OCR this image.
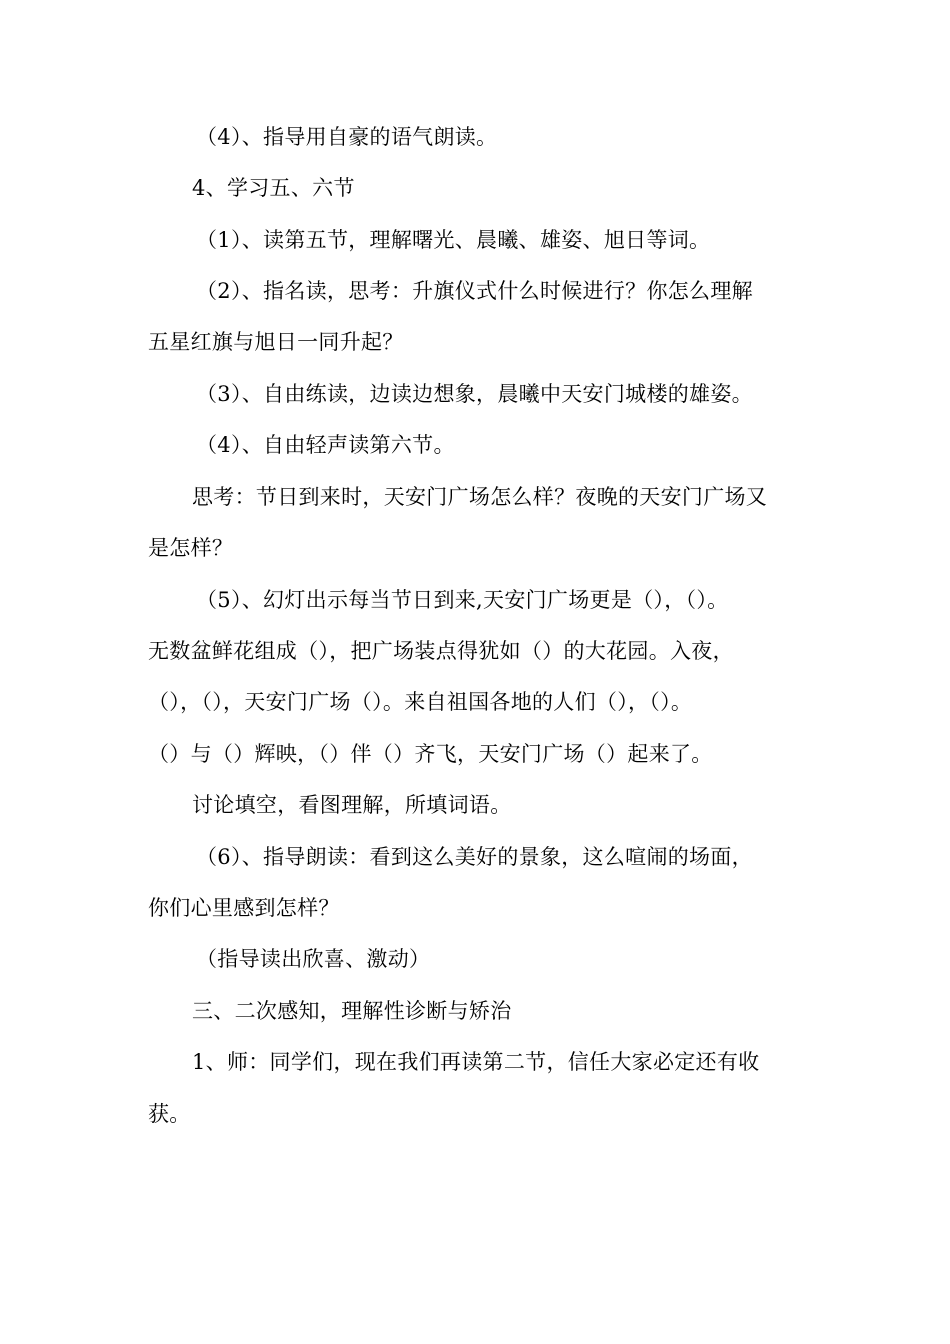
（4）、指导用自豪的语气朗读。
4、学习五、六节
（1）、读第五节，理解曙光、晨曦、雄姿、旭日等词。
（2）、指名读，思考：升旗仪式什么时候进行？你怎么理解
五星红旗与旭日一同升起？
（3）、自由练读，边读边想象，晨曦中天安门城楼的雄姿。
（4）、自由轻声读第六节。
思考：节日到来时，天安门广场怎么样？夜晚的天安门广场又
是怎样？
（5）、幻灯出示每当节日到来,天安门广场更是（），（）。
无数盆鲜花组成（），把广场装点得犹如（）的大花园。入夜，
（），（），天安门广场（）。来自祖国各地的人们（），（）。
（）与（）辉映，（）伴（）齐飞，天安门广场（）起来了。
讨论填空，看图理解，所填词语。
（6）、指导朗读：看到这么美好的景象，这么喧闹的场面，
你们心里感到怎样？
（指导读出欣喜、激动）
三、二次感知，理解性诊断与矫治
1、师：同学们，现在我们再读第二节，信任大家必定还有收
获。
